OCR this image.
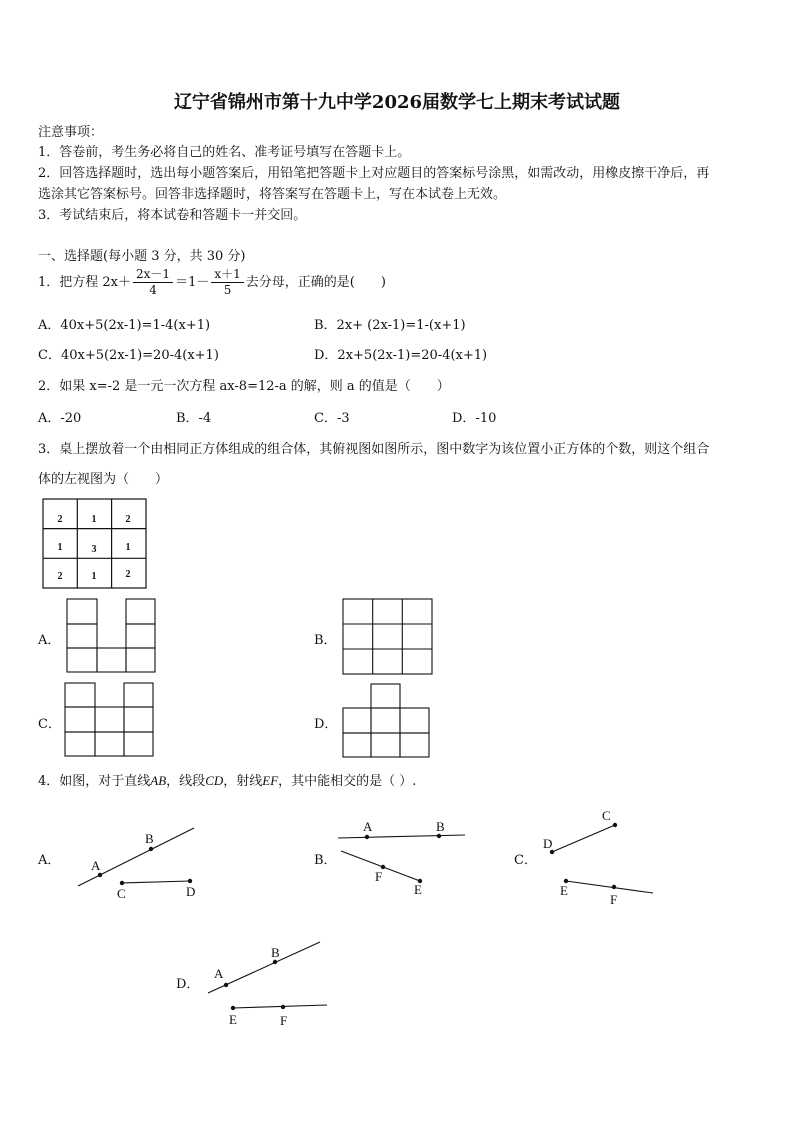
辽宁省锦州市第十九中学2026届数学七上期末考试试题
注意事项：
1．答卷前，考生务必将自己的姓名、准考证号填写在答题卡上。
2．回答选择题时，选出每小题答案后，用铅笔把答题卡上对应题目的答案标号涂黑，如需改动，用橡皮擦干净后，再
选涂其它答案标号。回答非选择题时，将答案写在答题卡上，写在本试卷上无效。
3．考试结束后，将本试卷和答题卡一并交回。
一、选择题(每小题 3 分，共 30 分)
1．把方程 $2x+ \frac{2x-1}{4} =1- \frac{x+1}{5}$ 去分母，正确的是(　　)
A．40x+5(2x-1)=1-4(x+1)	B．2x+ (2x-1)=1-(x+1)
C．40x+5(2x-1)=20-4(x+1)	D．2x+5(2x-1)=20-4(x+1)
2．如果 x=-2 是一元一次方程 ax-8=12-a 的解，则 a 的值是（　　）
A．-20	B．-4	C．-3	D．-10
3．桌上摆放着一个由相同正方体组成的组合体，其俯视图如图所示，图中数字为该位置小正方体的个数，则这个组合
体的左视图为（　　）
2	1	2
1	3	1
2	1	2
A．	B．
C．	D．
4．如图，对于直线AB，线段CD，射线EF，其中能相交的是（ ）.
A． A
B
C	D
B．
A	B
F
E
C．
C
D
E
F
D．
A
B
E	F
